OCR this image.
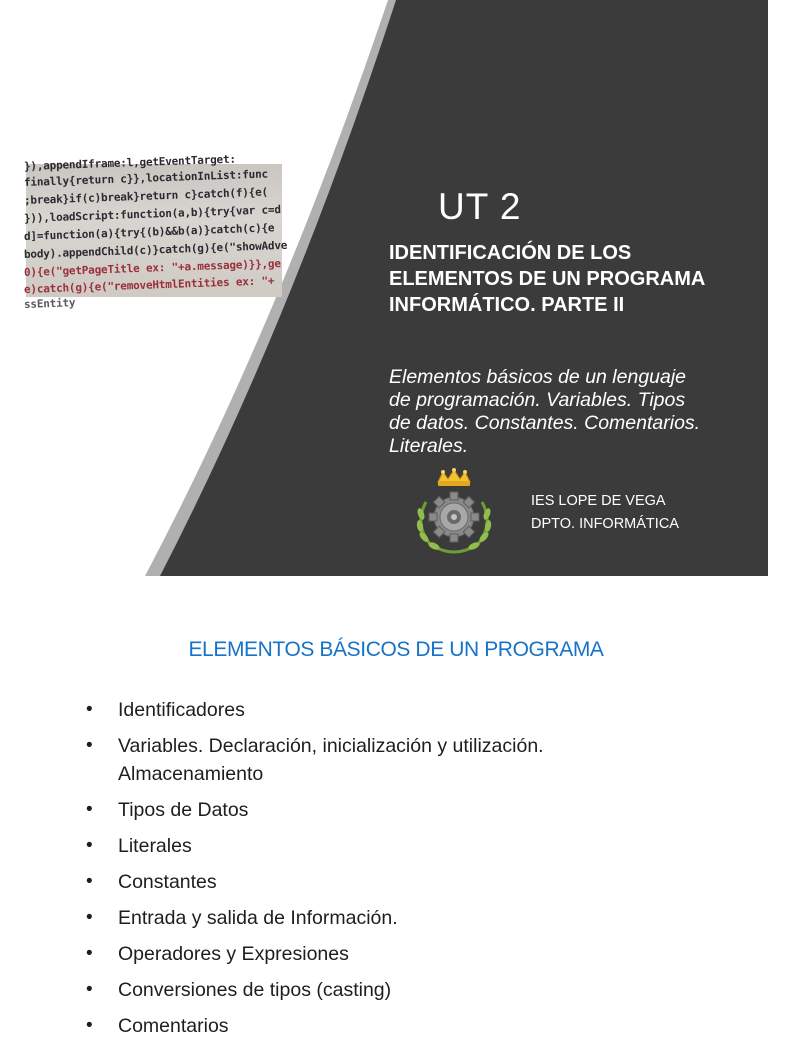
}),appendIframe:l,getEventTarget:
finally{return c}},locationInList:func
;break}if(c)break}return c}catch(f){e(
})),loadScript:function(a,b){try{var c=d
d]=function(a){try{(b)&&b(a)}catch(c){e
body).appendChild(c)}catch(g){e("showAdve
0){e("getPageTitle ex: "+a.message)}},ge
e)catch(g){e("removeHtmlEntities ex: "+
ssEntity
UT 2
IDENTIFICACIÓN DE LOS
ELEMENTOS DE UN PROGRAMA
INFORMÁTICO. PARTE II

Elementos básicos de un lenguaje
de programación. Variables. Tipos
de datos. Constantes. Comentarios.
Literales.

IES LOPE DE VEGA
DPTO. INFORMÁTICA
ELEMENTOS BÁSICOS DE UN PROGRAMA
• Identificadores
• Variables. Declaración, inicialización y utilización.
Almacenamiento
• Tipos de Datos
• Literales
• Constantes
• Entrada y salida de Información.
• Operadores y Expresiones
• Conversiones de tipos (casting)
• Comentarios
